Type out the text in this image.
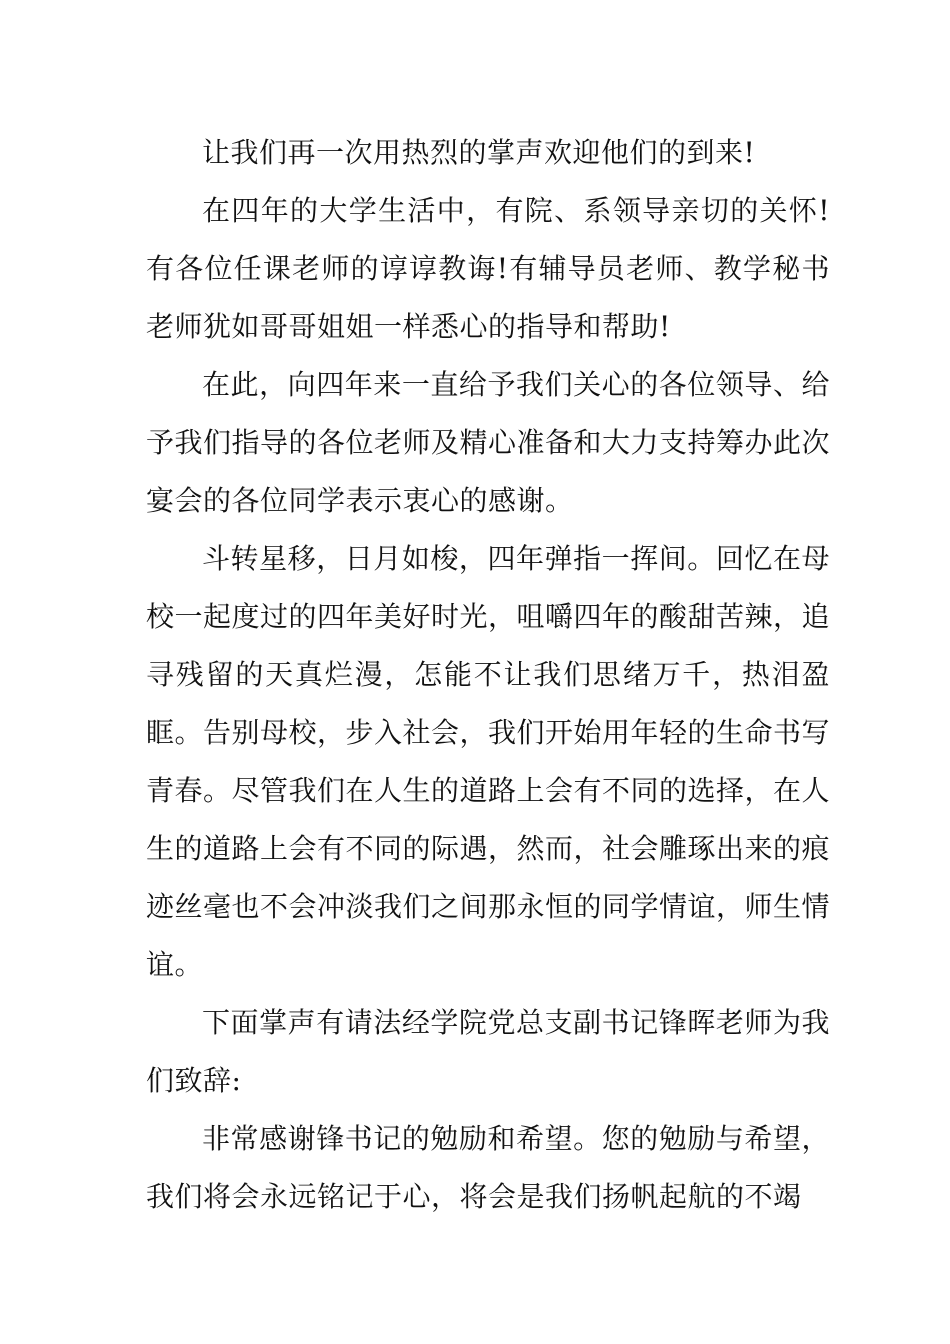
让我们再一次用热烈的掌声欢迎他们的到来!

在四年的大学生活中，有院、系领导亲切的关怀!有各位任课老师的谆谆教诲!有辅导员老师、教学秘书老师犹如哥哥姐姐一样悉心的指导和帮助!

在此，向四年来一直给予我们关心的各位领导、给予我们指导的各位老师及精心准备和大力支持筹办此次宴会的各位同学表示衷心的感谢。

斗转星移，日月如梭，四年弹指一挥间。回忆在母校一起度过的四年美好时光，咀嚼四年的酸甜苦辣，追寻残留的天真烂漫，怎能不让我们思绪万千，热泪盈眶。告别母校，步入社会，我们开始用年轻的生命书写青春。尽管我们在人生的道路上会有不同的选择，在人生的道路上会有不同的际遇，然而，社会雕琢出来的痕迹丝毫也不会冲淡我们之间那永恒的同学情谊，师生情谊。

下面掌声有请法经学院党总支副书记锋晖老师为我们致辞:

非常感谢锋书记的勉励和希望。您的勉励与希望，我们将会永远铭记于心，将会是我们扬帆起航的不竭
